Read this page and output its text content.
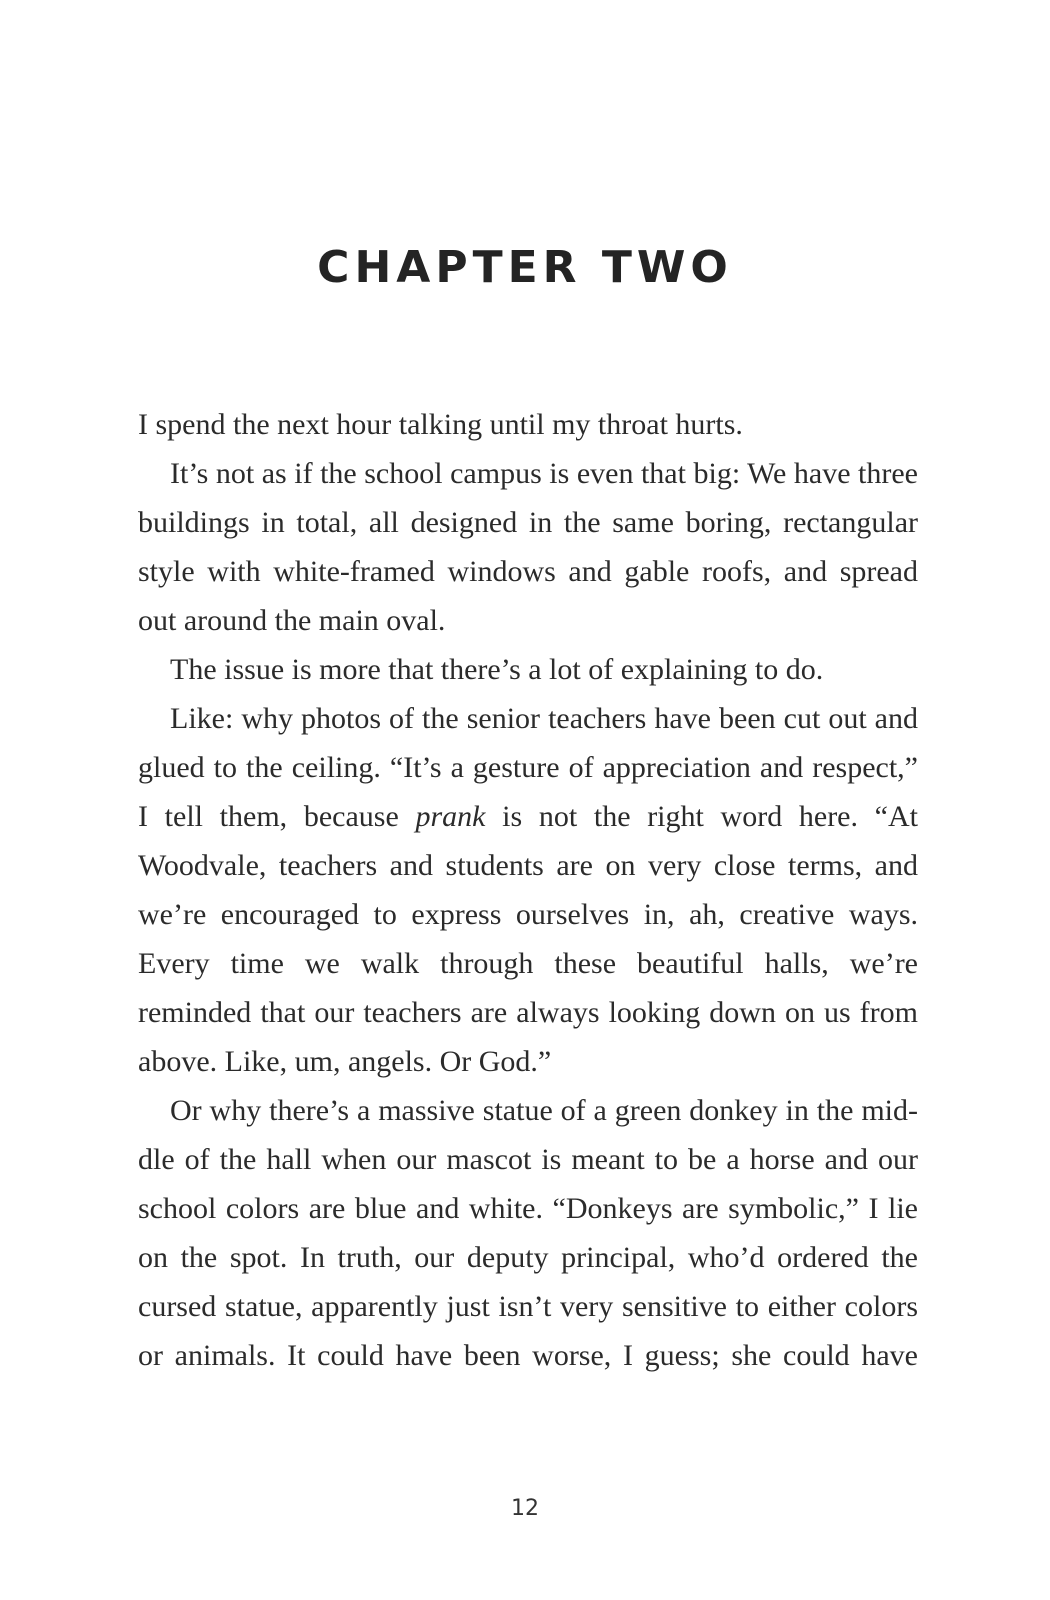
CHAPTER TWO

I spend the next hour talking until my throat hurts.

It’s not as if the school campus is even that big: We have three buildings in total, all designed in the same boring, rectangular style with white-framed windows and gable roofs, and spread out around the main oval.

The issue is more that there’s a lot of explaining to do.

Like: why photos of the senior teachers have been cut out and glued to the ceiling. “It’s a gesture of appreciation and respect,” I tell them, because prank is not the right word here. “At Woodvale, teachers and students are on very close terms, and we’re encouraged to express ourselves in, ah, creative ways. Every time we walk through these beautiful halls, we’re reminded that our teachers are always looking down on us from above. Like, um, angels. Or God.”

Or why there’s a massive statue of a green donkey in the middle of the hall when our mascot is meant to be a horse and our school colors are blue and white. “Donkeys are symbolic,” I lie on the spot. In truth, our deputy principal, who’d ordered the cursed statue, apparently just isn’t very sensitive to either colors or animals. It could have been worse, I guess; she could have

12
